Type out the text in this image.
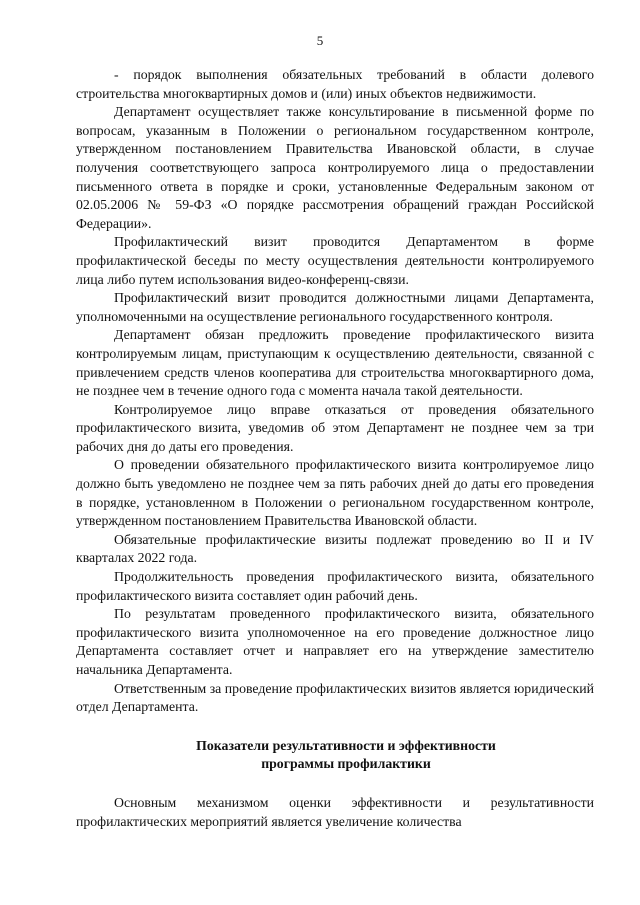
5

- порядок выполнения обязательных требований в области долевого строительства многоквартирных домов и (или) иных объектов недвижимости.

Департамент осуществляет также консультирование в письменной форме по вопросам, указанным в Положении о региональном государственном контроле, утвержденном постановлением Правительства Ивановской области, в случае получения соответствующего запроса контролируемого лица о предоставлении письменного ответа в порядке и сроки, установленные Федеральным законом от 02.05.2006 № 59-ФЗ «О порядке рассмотрения обращений граждан Российской Федерации».

Профилактический визит проводится Департаментом в форме профилактической беседы по месту осуществления деятельности контролируемого лица либо путем использования видео-конференц-связи.

Профилактический визит проводится должностными лицами Департамента, уполномоченными на осуществление регионального государственного контроля.

Департамент обязан предложить проведение профилактического визита контролируемым лицам, приступающим к осуществлению деятельности, связанной с привлечением средств членов кооператива для строительства многоквартирного дома, не позднее чем в течение одного года с момента начала такой деятельности.

Контролируемое лицо вправе отказаться от проведения обязательного профилактического визита, уведомив об этом Департамент не позднее чем за три рабочих дня до даты его проведения.

О проведении обязательного профилактического визита контролируемое лицо должно быть уведомлено не позднее чем за пять рабочих дней до даты его проведения в порядке, установленном в Положении о региональном государственном контроле, утвержденном постановлением Правительства Ивановской области.

Обязательные профилактические визиты подлежат проведению во II и IV кварталах 2022 года.

Продолжительность проведения профилактического визита, обязательного профилактического визита составляет один рабочий день.

По результатам проведенного профилактического визита, обязательного профилактического визита уполномоченное на его проведение должностное лицо Департамента составляет отчет и направляет его на утверждение заместителю начальника Департамента.

Ответственным за проведение профилактических визитов является юридический отдел Департамента.

Показатели результативности и эффективности
программы профилактики

Основным механизмом оценки эффективности и результативности профилактических мероприятий является увеличение количества
